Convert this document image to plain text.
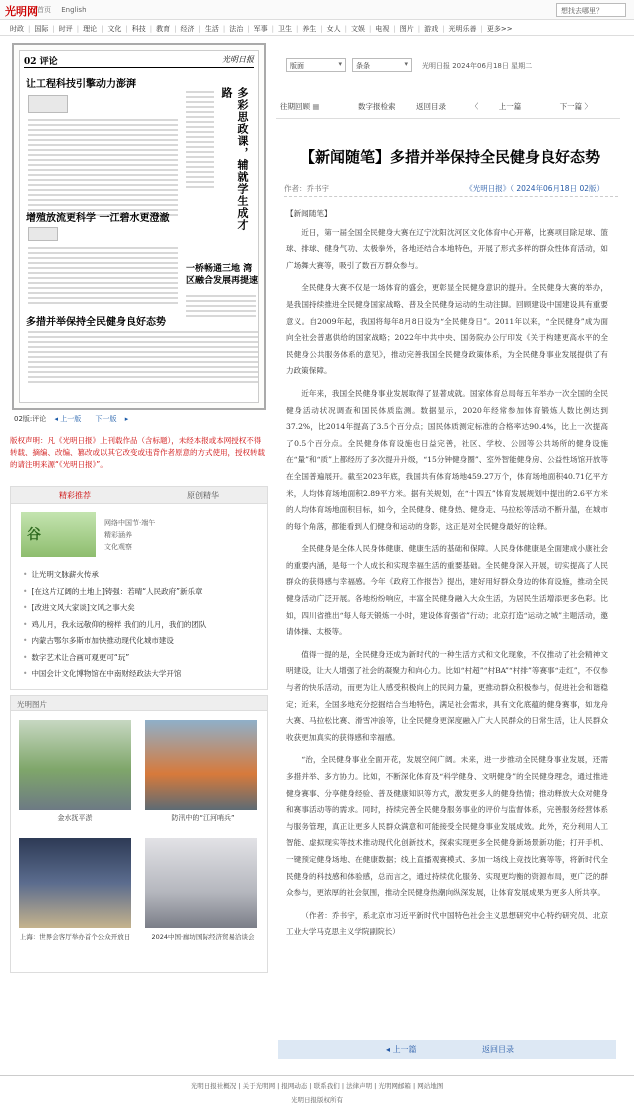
光明网 首页 English	想找去哪里？
时政 | 国际 | 时评 | 理论 | 文化 | 科技 | 教育 | 经济 | 生活 | 法治 | 军事 | 卫生 | 养生 | 女人 | 文娱 | 电视 | 图片 | 游戏 | 光明乐善 | 更多>>
02 评论	光明日报
让工程科技引擎动力澎湃
多彩思政课，辅就学生成才路
增殖放流更科学 一江碧水更澄澈
一桥畅通三地 湾区融合发展再提速
多措并举保持全民健身良好态势
02版:评论 ◂ 上一版 下一版 ▸
版权声明：凡《光明日报》上刊载作品（含标题），未经本报或本网授权不得转载、摘编、改编、篡改或以其它改变或违背作者原意的方式使用，授权转载的请注明来源“《光明日报》”。
精彩推荐	原创精华
谷
网络中国节·端午
精彩涵养
文化观察
• 让光明文脉薪火传承
• [在这片辽阔的土地上]铸强：若晴“人民政府”新乐章
• [改进文风大家谈]文风之事大矣
• 鸡儿月，我永远敬仰的榜样 我们的儿月，我们的团队
• 内蒙古鄂尔多斯市加快推动现代化城市建设
• 数字艺术让合画可观更可“玩”
• 中国会计文化博物馆在中南财经政法大学开馆
光明图片
金水抚平淤	防汛中的“江河哨兵”
上海：世界会客厅举办首个公众开放日	2024中国·廊坊国际经济贸易洽谈会
版面 ▾	条条 ▾	光明日报 2024年06月18日 星期二
往期回顾 ▦	数字报检索	返回目录	〈 上一篇	下一篇 〉
【新闻随笔】多措并举保持全民健身良好态势
作者：乔书宇	《光明日报》（ 2024年06月18日 02版）

【新闻随笔】

近日，第一届全国全民健身大赛在辽宁沈阳沈河区文化体育中心开幕，比赛项目除足球、篮球、排球、健身气功、太极拳外，各地还结合本地特色，开展了形式多样的群众性体育活动，如广场舞大赛等，吸引了数百万群众参与。

全民健身大赛不仅是一场体育的盛会，更彰显全民健身意识的提升。全民健身大赛的举办，是我国持续推进全民健身国家战略、普及全民健身运动的生动注脚。回顾建设中国建设具有重要意义。自2009年起，我国将每年8月8日设为“全民健身日”。2011年以来，“全民健身”成为面向全社会普惠供给的国家战略；2022年中共中央、国务院办公厅印发《关于构建更高水平的全民健身公共服务体系的意见》，推动完善我国全民健身政策体系，为全民健身事业发展提供了有力政策保障。

近年来，我国全民健身事业发展取得了显著成就。国家体育总局每五年举办一次全国的全民健身活动状况调查和国民体质监测。数据显示，2020年经常参加体育锻炼人数比例达到37.2%，比2014年提高了3.5个百分点；国民体质测定标准的合格率达90.4%，比上一次提高了0.5个百分点。全民健身体育设施也日益完善，社区、学校、公园等公共场所的健身设施在“量”和“质”上都经历了多次提升升级，“15分钟健身圈”、室外智能健身房、公益性场馆开放等在全国普遍展开。截至2023年底，我国共有体育场地459.27万个，体育场地面积40.71亿平方米，人均体育场地面积2.89平方米。据有关规划，在“十四五”体育发展规划中提出的2.6平方米的人均体育场地面积目标，如今，全民健身、健身热、健身走、马拉松等活动不断升温，在城市的每个角落，都能看到人们健身和运动的身影，这正是对全民健身最好的诠释。

全民健身是全体人民身体健康、健康生活的基础和保障。人民身体健康是全面建成小康社会的重要内涵，是每一个人成长和实现幸福生活的重要基础。全民健身深入开展，切实提高了人民群众的获得感与幸福感。今年《政府工作报告》提出，建好用好群众身边的体育设施，推动全民健身活动广泛开展。各地纷纷响应，丰富全民健身融入大众生活，为居民生活增添更多色彩。比如，四川省推出“每人每天锻炼一小时，建设体育强省”行动；北京打造“运动之城”主题活动，邀请体操、太极等。

值得一提的是，全民健身还成为新时代的一种生活方式和文化现象，不仅推动了社会精神文明建设，让大人增强了社会的凝聚力和向心力。比如“村超”“村BA”“村排”等赛事“走红”，不仅参与者的快乐活动，而更为让人感受积极向上的民间力量，更推动群众积极参与，促进社会和谐稳定；近来，全国多地充分挖掘结合当地特色，满足社会需求，具有文化底蕴的健身赛事，如龙舟大赛、马拉松比赛、滑雪冲浪等，让全民健身更深度融入广大人民群众的日常生活，让人民群众收获更加真实的获得感和幸福感。

“治，全民健身事业全面开花，发展空间广阔。未来，进一步推动全民健身事业发展，还需多措并举、多方协力。比如，不断深化体育及“科学健身、文明健身”的全民健身理念，通过推进健身赛事、分享健身经验、普及健康知识等方式，激发更多人的健身热情；推动释放大众对健身和赛事活动等的需求。同时，持续完善全民健身服务事业的评价与监督体系，完善服务经营体系与服务管理，真正让更多人民群众满意和可能接受全民健身事业发展成效。此外，充分利用人工智能、虚拟现实等技术推动现代化创新技术，探索实现更多全民健身新场景新功能；打开手机、一键预定健身场地、在健康数据；线上直播观赛模式、多加一场线上竞技比赛等等，将新时代全民健身的科技感和体验感，总而言之，通过持续优化服务、实现更均衡的资源布局，更广泛的群众参与，更浓厚的社会氛围，推动全民健身热潮向纵深发展，让体育发展成果为更多人所共享。

（作者：乔书宇，系北京市习近平新时代中国特色社会主义思想研究中心特约研究员、北京工业大学马克思主义学院副院长）

◂ 上一篇	返回目录
光明日报社概况 | 关于光明网 | 报网动态 | 联系我们 | 法律声明 | 光明网邮箱 | 网站地图
光明日报版权所有
